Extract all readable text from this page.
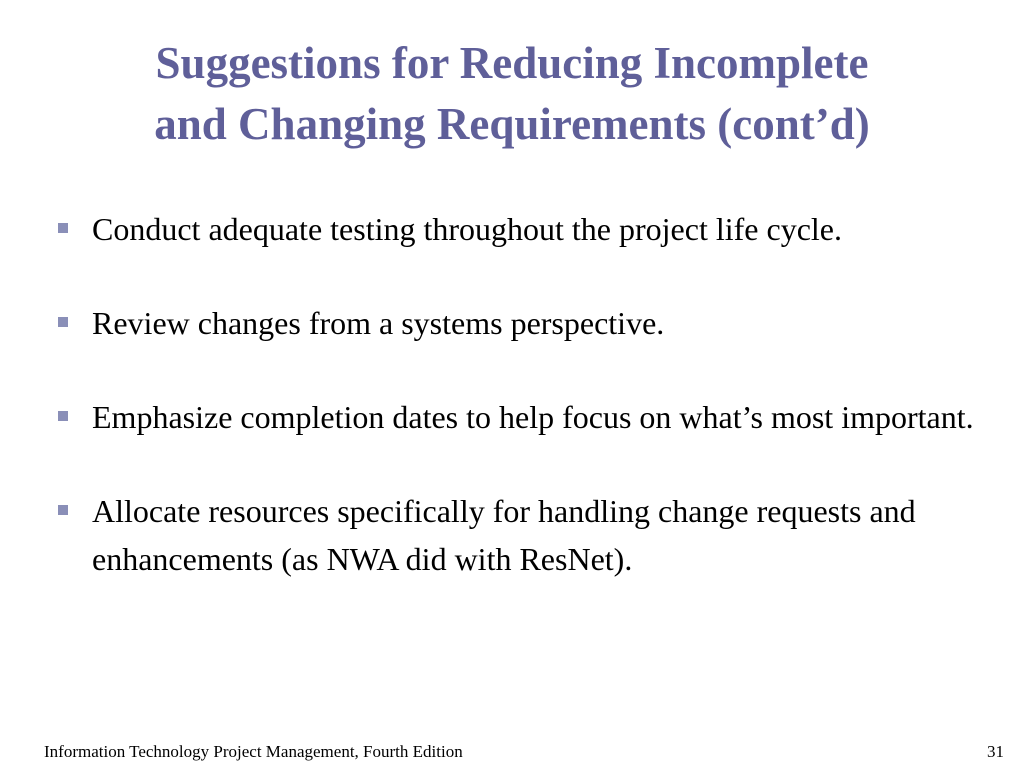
Suggestions for Reducing Incomplete
and Changing Requirements (cont’d)
Conduct adequate testing throughout the project life cycle.
Review changes from a systems perspective.
Emphasize completion dates to help focus on what’s most important.
Allocate resources specifically for handling change requests and enhancements (as NWA did with ResNet).
Information Technology Project Management, Fourth Edition	31
